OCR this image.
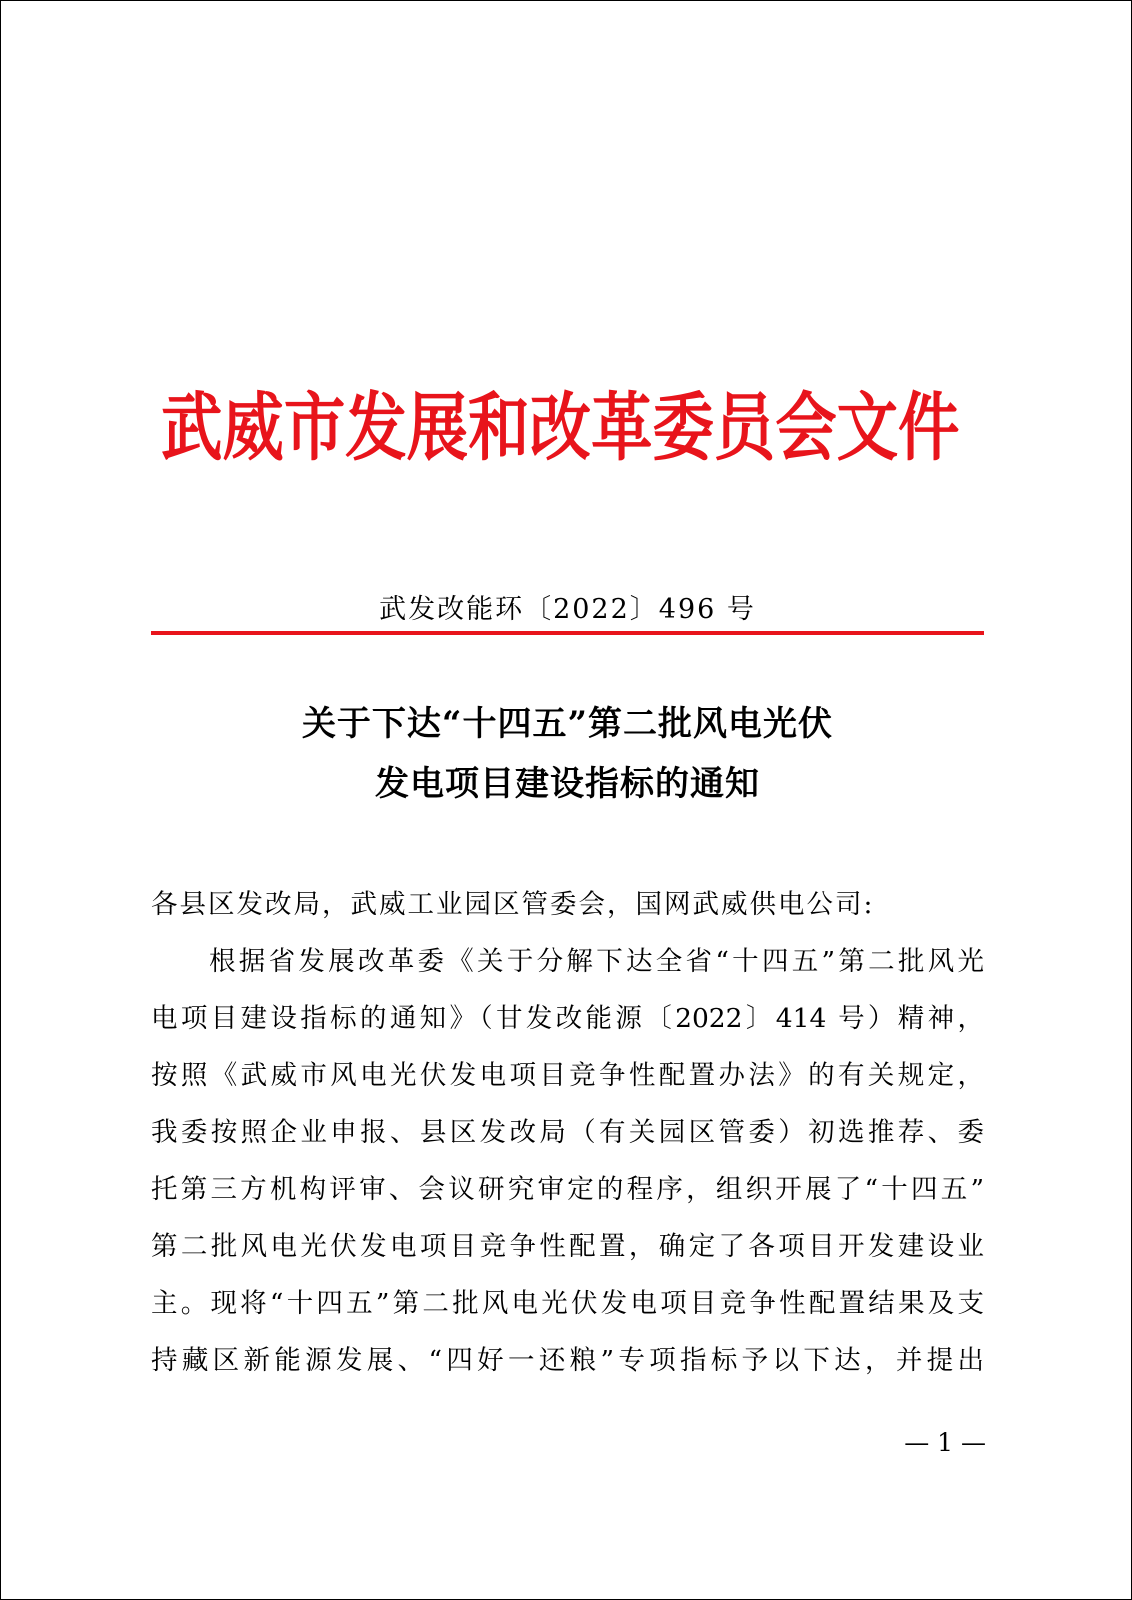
武威市发展和改革委员会文件
武发改能环〔2022〕496 号
关于下达“十四五”第二批风电光伏
发电项目建设指标的通知
各县区发改局，武威工业园区管委会，国网武威供电公司:
根据省发展改革委《关于分解下达全省“十四五”第二批风光
电项目建设指标的通知》（甘发改能源〔2022〕414 号）精神，
按照《武威市风电光伏发电项目竞争性配置办法》的有关规定，
我委按照企业申报、县区发改局（有关园区管委）初选推荐、委
托第三方机构评审、会议研究审定的程序，组织开展了“十四五”
第二批风电光伏发电项目竞争性配置，确定了各项目开发建设业
主。现将“十四五”第二批风电光伏发电项目竞争性配置结果及支
持藏区新能源发展、“四好一还粮”专项指标予以下达，并提出
— 1 —
